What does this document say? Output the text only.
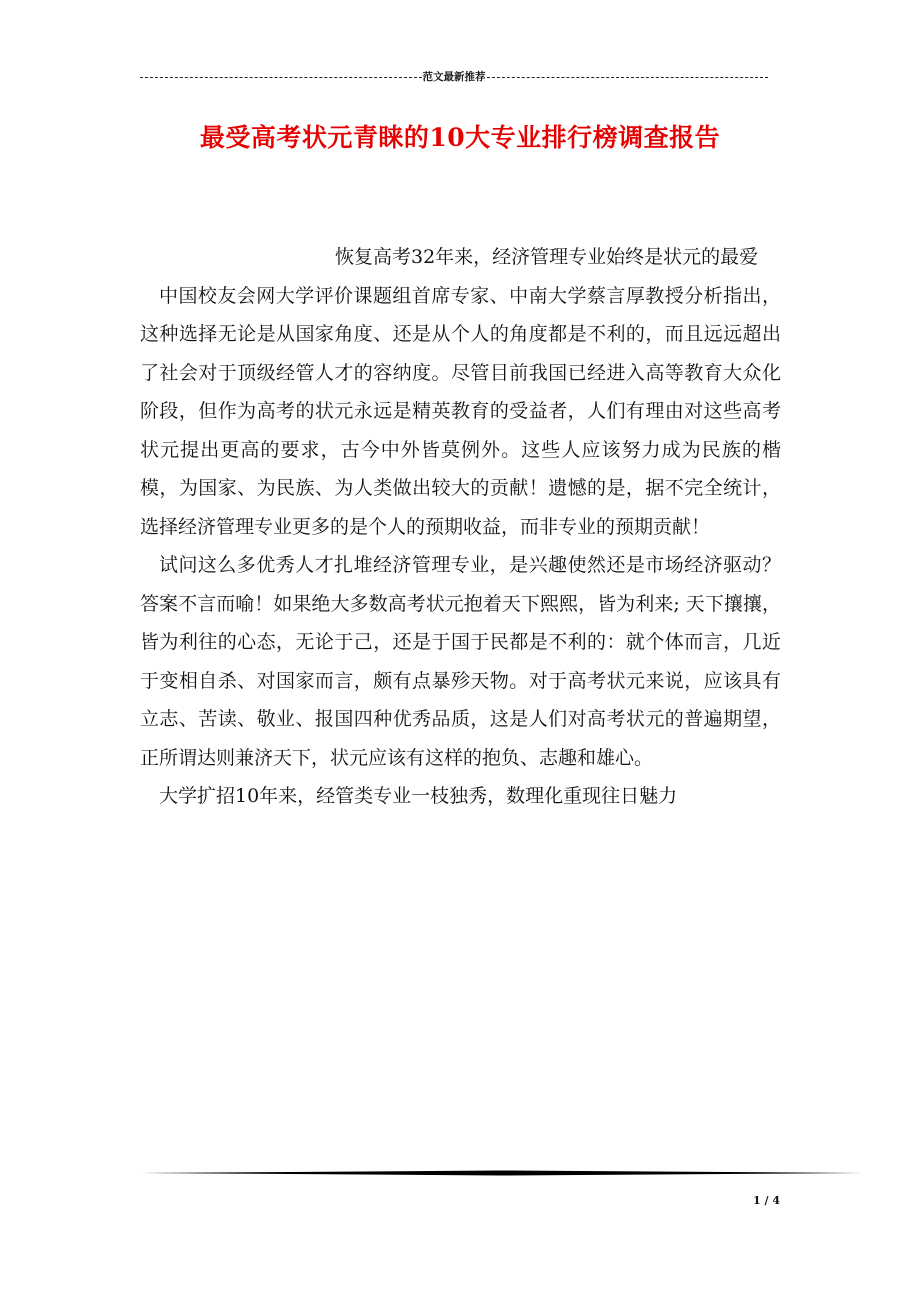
范文最新推荐
最受高考状元青睐的10大专业排行榜调查报告

恢复高考32年来，经济管理专业始终是状元的最爱

中国校友会网大学评价课题组首席专家、中南大学蔡言厚教授分析指出，这种选择无论是从国家角度、还是从个人的角度都是不利的，而且远远超出了社会对于顶级经管人才的容纳度。尽管目前我国已经进入高等教育大众化阶段，但作为高考的状元永远是精英教育的受益者，人们有理由对这些高考状元提出更高的要求，古今中外皆莫例外。这些人应该努力成为民族的楷模，为国家、为民族、为人类做出较大的贡献！遗憾的是，据不完全统计，选择经济管理专业更多的是个人的预期收益，而非专业的预期贡献！

试问这么多优秀人才扎堆经济管理专业，是兴趣使然还是市场经济驱动？答案不言而喻！如果绝大多数高考状元抱着天下熙熙，皆为利来; 天下攘攘，皆为利往的心态，无论于己，还是于国于民都是不利的：就个体而言，几近于变相自杀、对国家而言，颇有点暴殄天物。对于高考状元来说，应该具有立志、苦读、敬业、报国四种优秀品质，这是人们对高考状元的普遍期望，正所谓达则兼济天下，状元应该有这样的抱负、志趣和雄心。

大学扩招10年来，经管类专业一枝独秀，数理化重现往日魅力

1 / 4
